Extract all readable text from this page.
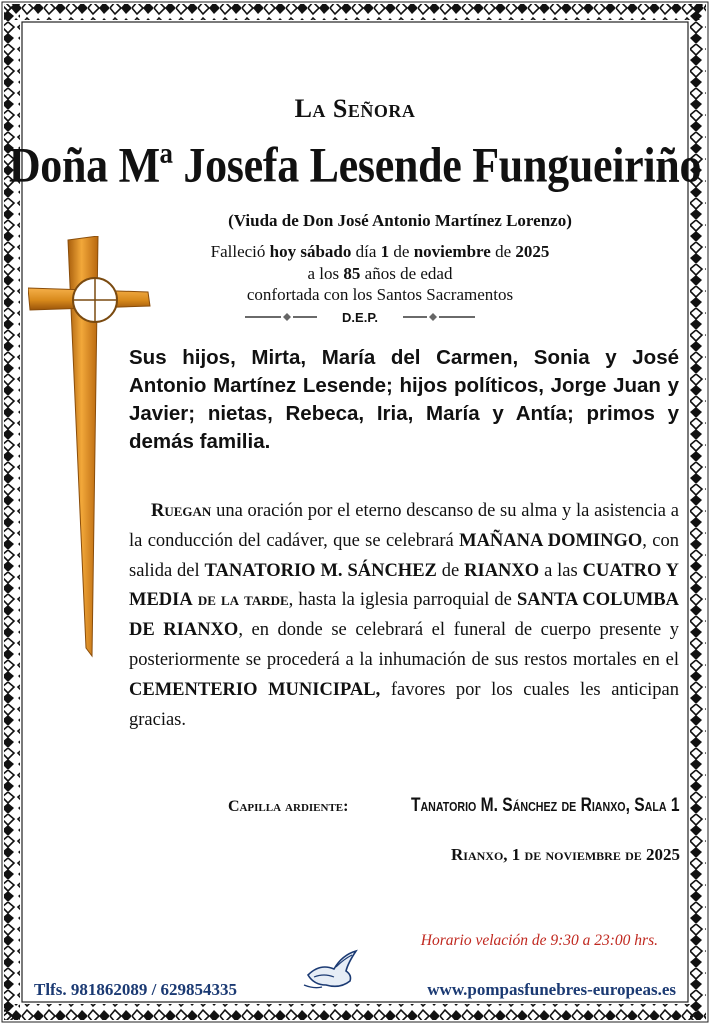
La Señora
Doña Mª Josefa Lesende Fungueiriño
(Viuda de Don José Antonio Martínez Lorenzo)
Falleció hoy sábado día 1 de noviembre de 2025
a los 85 años de edad
confortada con los Santos Sacramentos
D.E.P.
Sus hijos, Mirta, María del Carmen, Sonia y José Antonio Martínez Lesende; hijos políticos, Jorge Juan y Javier; nietas, Rebeca, Iria, María y Antía; primos y demás familia.
Ruegan una oración por el eterno descanso de su alma y la asistencia a la conducción del cadáver, que se celebrará MAÑANA DOMINGO, con salida del TANATORIO M. SÁNCHEZ de RIANXO a las CUATRO Y MEDIA de la tarde, hasta la iglesia parroquial de SANTA COLUMBA DE RIANXO, en donde se celebrará el funeral de cuerpo presente y posteriormente se procederá a la inhumación de sus restos mortales en el CEMENTERIO MUNICIPAL, favores por los cuales les anticipan gracias.
Capilla ardiente:	Tanatorio M. Sánchez de Rianxo, Sala 1
Rianxo, 1 de noviembre de 2025
Horario velación de 9:30 a 23:00 hrs.
Tlfs. 981862089 / 629854335	www.pompasfunebres-europeas.es
